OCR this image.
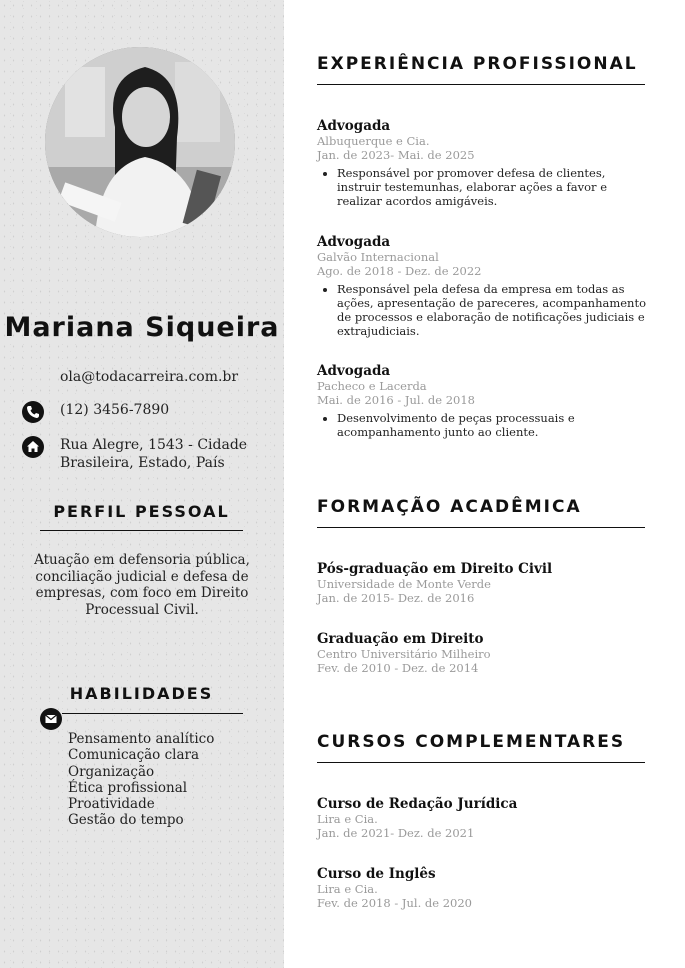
Mariana Siqueira
ola@todacarreira.com.br
(12) 3456-7890
Rua Alegre, 1543 - Cidade Brasileira, Estado, País
PERFIL PESSOAL
Atuação em defensoria pública, conciliação judicial e defesa de empresas, com foco em Direito Processual Civil.
HABILIDADES
Pensamento analítico
Comunicação clara
Organização
Ética profissional
Proatividade
Gestão do tempo
EXPERIÊNCIA PROFISSIONAL
Advogada
Albuquerque e Cia.
Jan. de 2023- Mai. de 2025
• Responsável por promover defesa de clientes, instruir testemunhas, elaborar ações a favor e realizar acordos amigáveis.
Advogada
Galvão Internacional
Ago. de 2018 - Dez. de 2022
• Responsável pela defesa da empresa em todas as ações, apresentação de pareceres, acompanhamento de processos e elaboração de notificações judiciais e extrajudiciais.
Advogada
Pacheco e Lacerda
Mai. de 2016 - Jul. de 2018
• Desenvolvimento de peças processuais e acompanhamento junto ao cliente.
FORMAÇÃO ACADÊMICA
Pós-graduação em Direito Civil
Universidade de Monte Verde
Jan. de 2015- Dez. de 2016
Graduação em Direito
Centro Universitário Milheiro
Fev. de 2010 - Dez. de 2014
CURSOS COMPLEMENTARES
Curso de Redação Jurídica
Lira e Cia.
Jan. de 2021- Dez. de 2021
Curso de Inglês
Lira e Cia.
Fev. de 2018 - Jul. de 2020
